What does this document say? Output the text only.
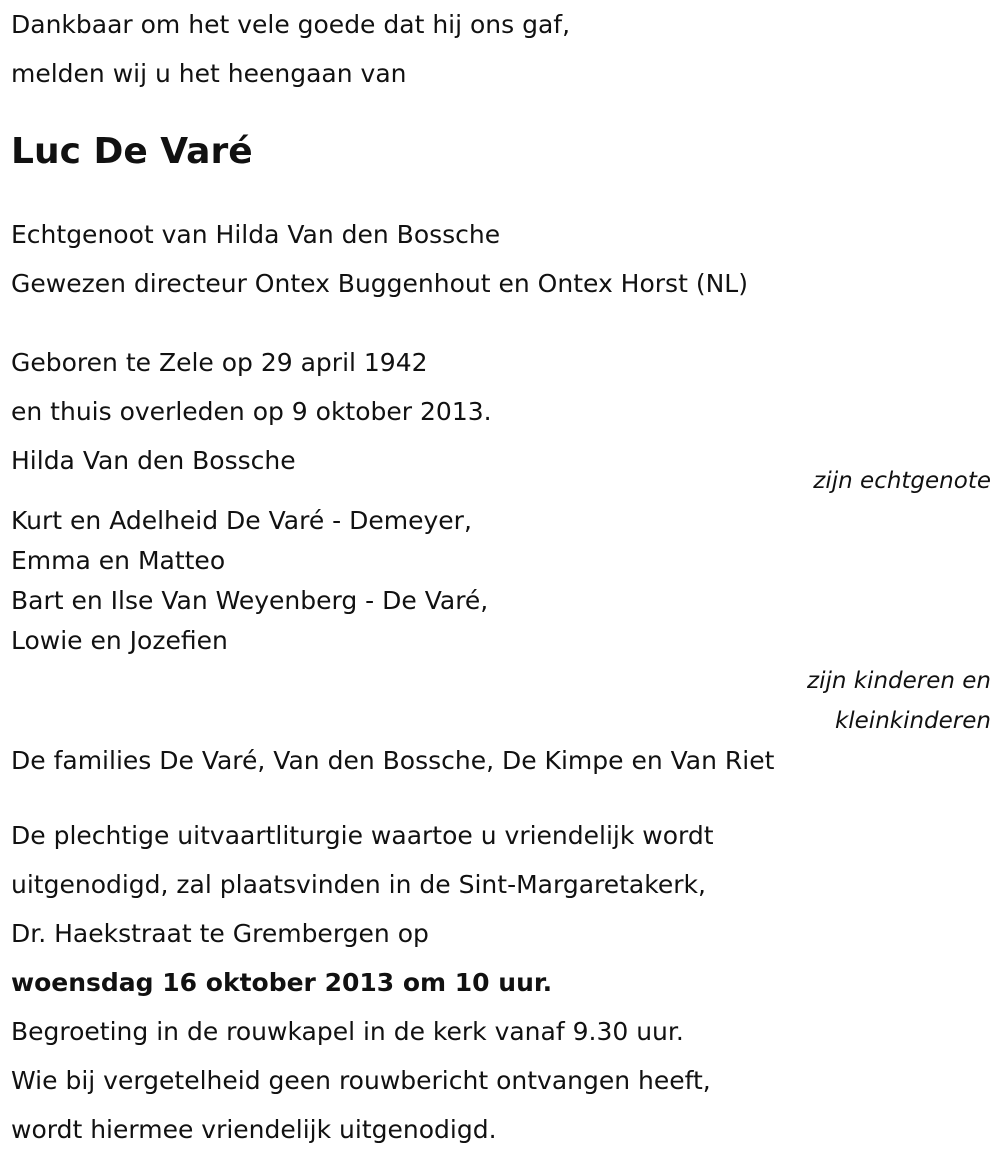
Dankbaar om het vele goede dat hij ons gaf,
melden wij u het heengaan van
Luc De Varé
Echtgenoot van Hilda Van den Bossche
Gewezen directeur Ontex Buggenhout en Ontex Horst (NL)
Geboren te Zele op 29 april 1942
en thuis overleden op 9 oktober 2013.
Hilda Van den Bossche
zijn echtgenote
Kurt en Adelheid De Varé - Demeyer,
Emma en Matteo
Bart en Ilse Van Weyenberg - De Varé,
Lowie en Jozefien
zijn kinderen en
kleinkinderen
De families De Varé, Van den Bossche, De Kimpe en Van Riet
De plechtige uitvaartliturgie waartoe u vriendelijk wordt
uitgenodigd, zal plaatsvinden in de Sint-Margaretakerk,
Dr. Haekstraat te Grembergen op
woensdag 16 oktober 2013 om 10 uur.
Begroeting in de rouwkapel in de kerk vanaf 9.30 uur.
Wie bij vergetelheid geen rouwbericht ontvangen heeft,
wordt hiermee vriendelijk uitgenodigd.
